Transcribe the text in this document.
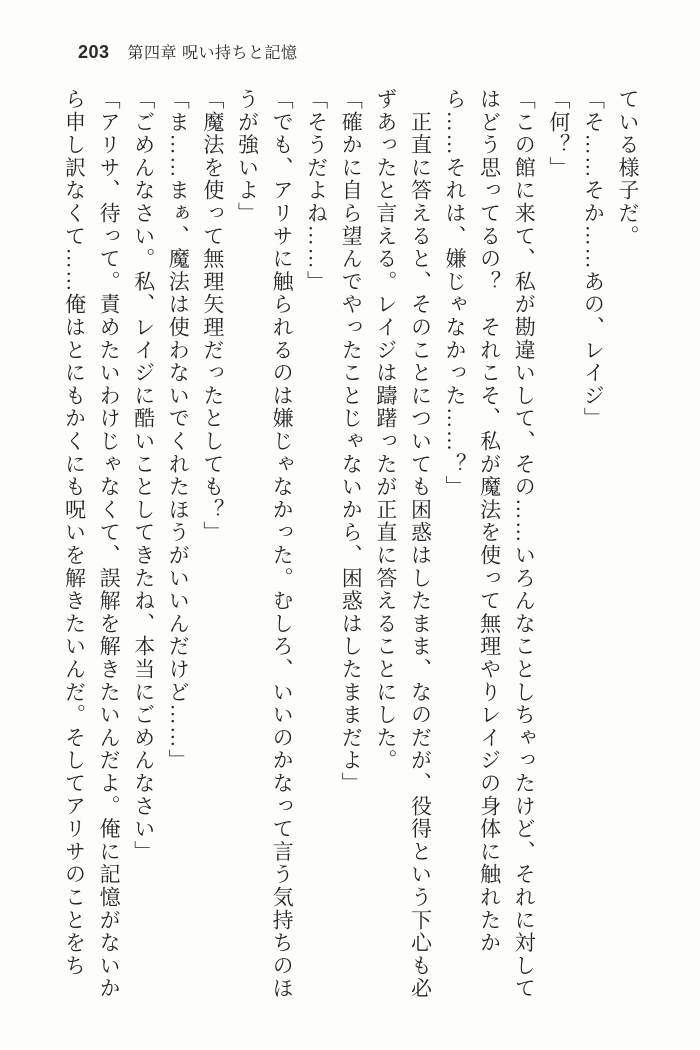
203 第四章 呪い持ちと記憶

ている様子だ。

「そ……そか……あの、レイジ」

「何？」

「この館に来て、私が勘違いして、その……いろんなことしちゃったけど、それに対してはどう思ってるの？　それこそ、私が魔法を使って無理やりレイジの身体に触れたから……それは、嫌じゃなかった……？」

　正直に答えると、そのことについても困惑はしたまま、なのだが、役得という下心も必ずあったと言える。レイジは躊躇ったが正直に答えることにした。

「確かに自ら望んでやったことじゃないから、困惑はしたままだよ」

「そうだよね……」

「でも、アリサに触られるのは嫌じゃなかった。むしろ、いいのかなって言う気持ちのほうが強いよ」

「魔法を使って無理矢理だったとしても？」

「ま……まぁ、魔法は使わないでくれたほうがいいんだけど……」

「ごめんなさい。私、レイジに酷いことしてきたね、本当にごめんなさい」

「アリサ、待って。責めたいわけじゃなくて、誤解を解きたいんだよ。俺に記憶がないから申し訳なくて……俺はとにもかくにも呪いを解きたいんだ。そしてアリサのことをち
